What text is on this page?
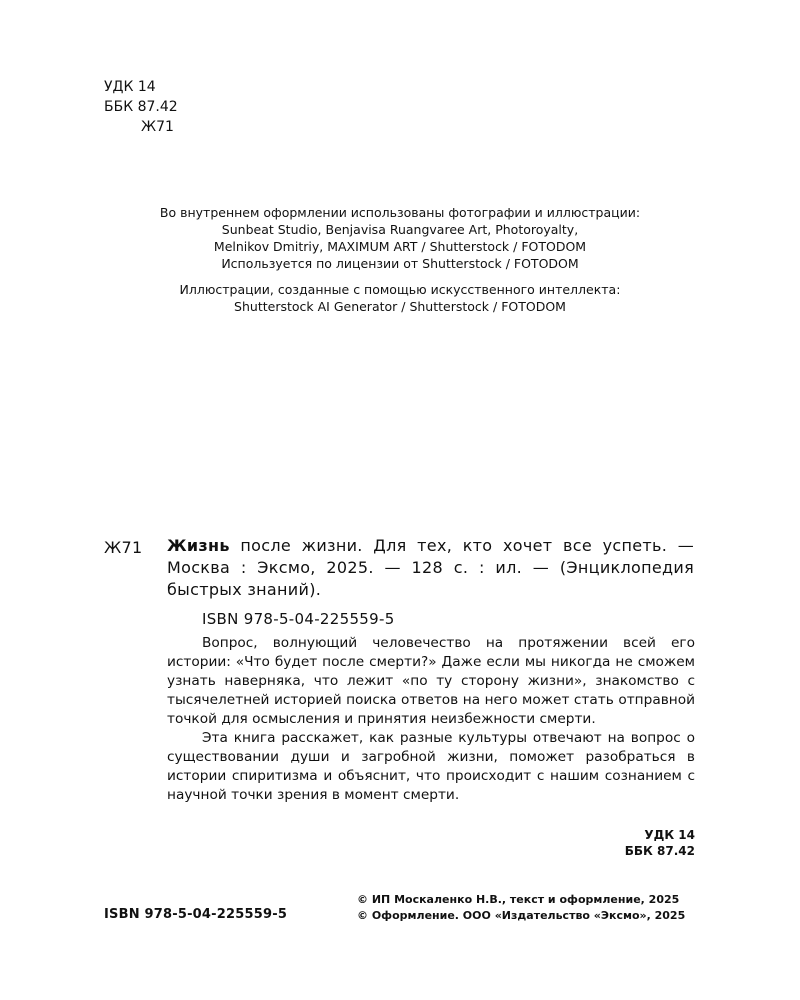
УДК 14
ББК 87.42
Ж71
Во внутреннем оформлении использованы фотографии и иллюстрации:
Sunbeat Studio, Benjavisa Ruangvaree Art, Photoroyalty,
Melnikov Dmitriy, MAXIMUM ART / Shutterstock / FOTODOM
Используется по лицензии от Shutterstock / FOTODOM
Иллюстрации, созданные с помощью искусственного интеллекта:
Shutterstock AI Generator / Shutterstock / FOTODOM
Ж71 Жизнь после жизни. Для тех, кто хочет все успеть. — Москва : Эксмо, 2025. — 128 с. : ил. — (Энциклопедия быстрых знаний).
ISBN 978-5-04-225559-5

Вопрос, волнующий человечество на протяжении всей его истории: «Что будет после смерти?» Даже если мы никогда не сможем узнать наверняка, что лежит «по ту сторону жизни», знакомство с тысячелетней историей поиска ответов на него может стать отправной точкой для осмысления и принятия неизбежности смерти.

Эта книга расскажет, как разные культуры отвечают на вопрос о существовании души и загробной жизни, поможет разобраться в истории спиритизма и объяснит, что происходит с нашим сознанием с научной точки зрения в момент смерти.

УДК 14
ББК 87.42
ISBN 978-5-04-225559-5
© ИП Москаленко Н.В., текст и оформление, 2025
© Оформление. ООО «Издательство «Эксмо», 2025
